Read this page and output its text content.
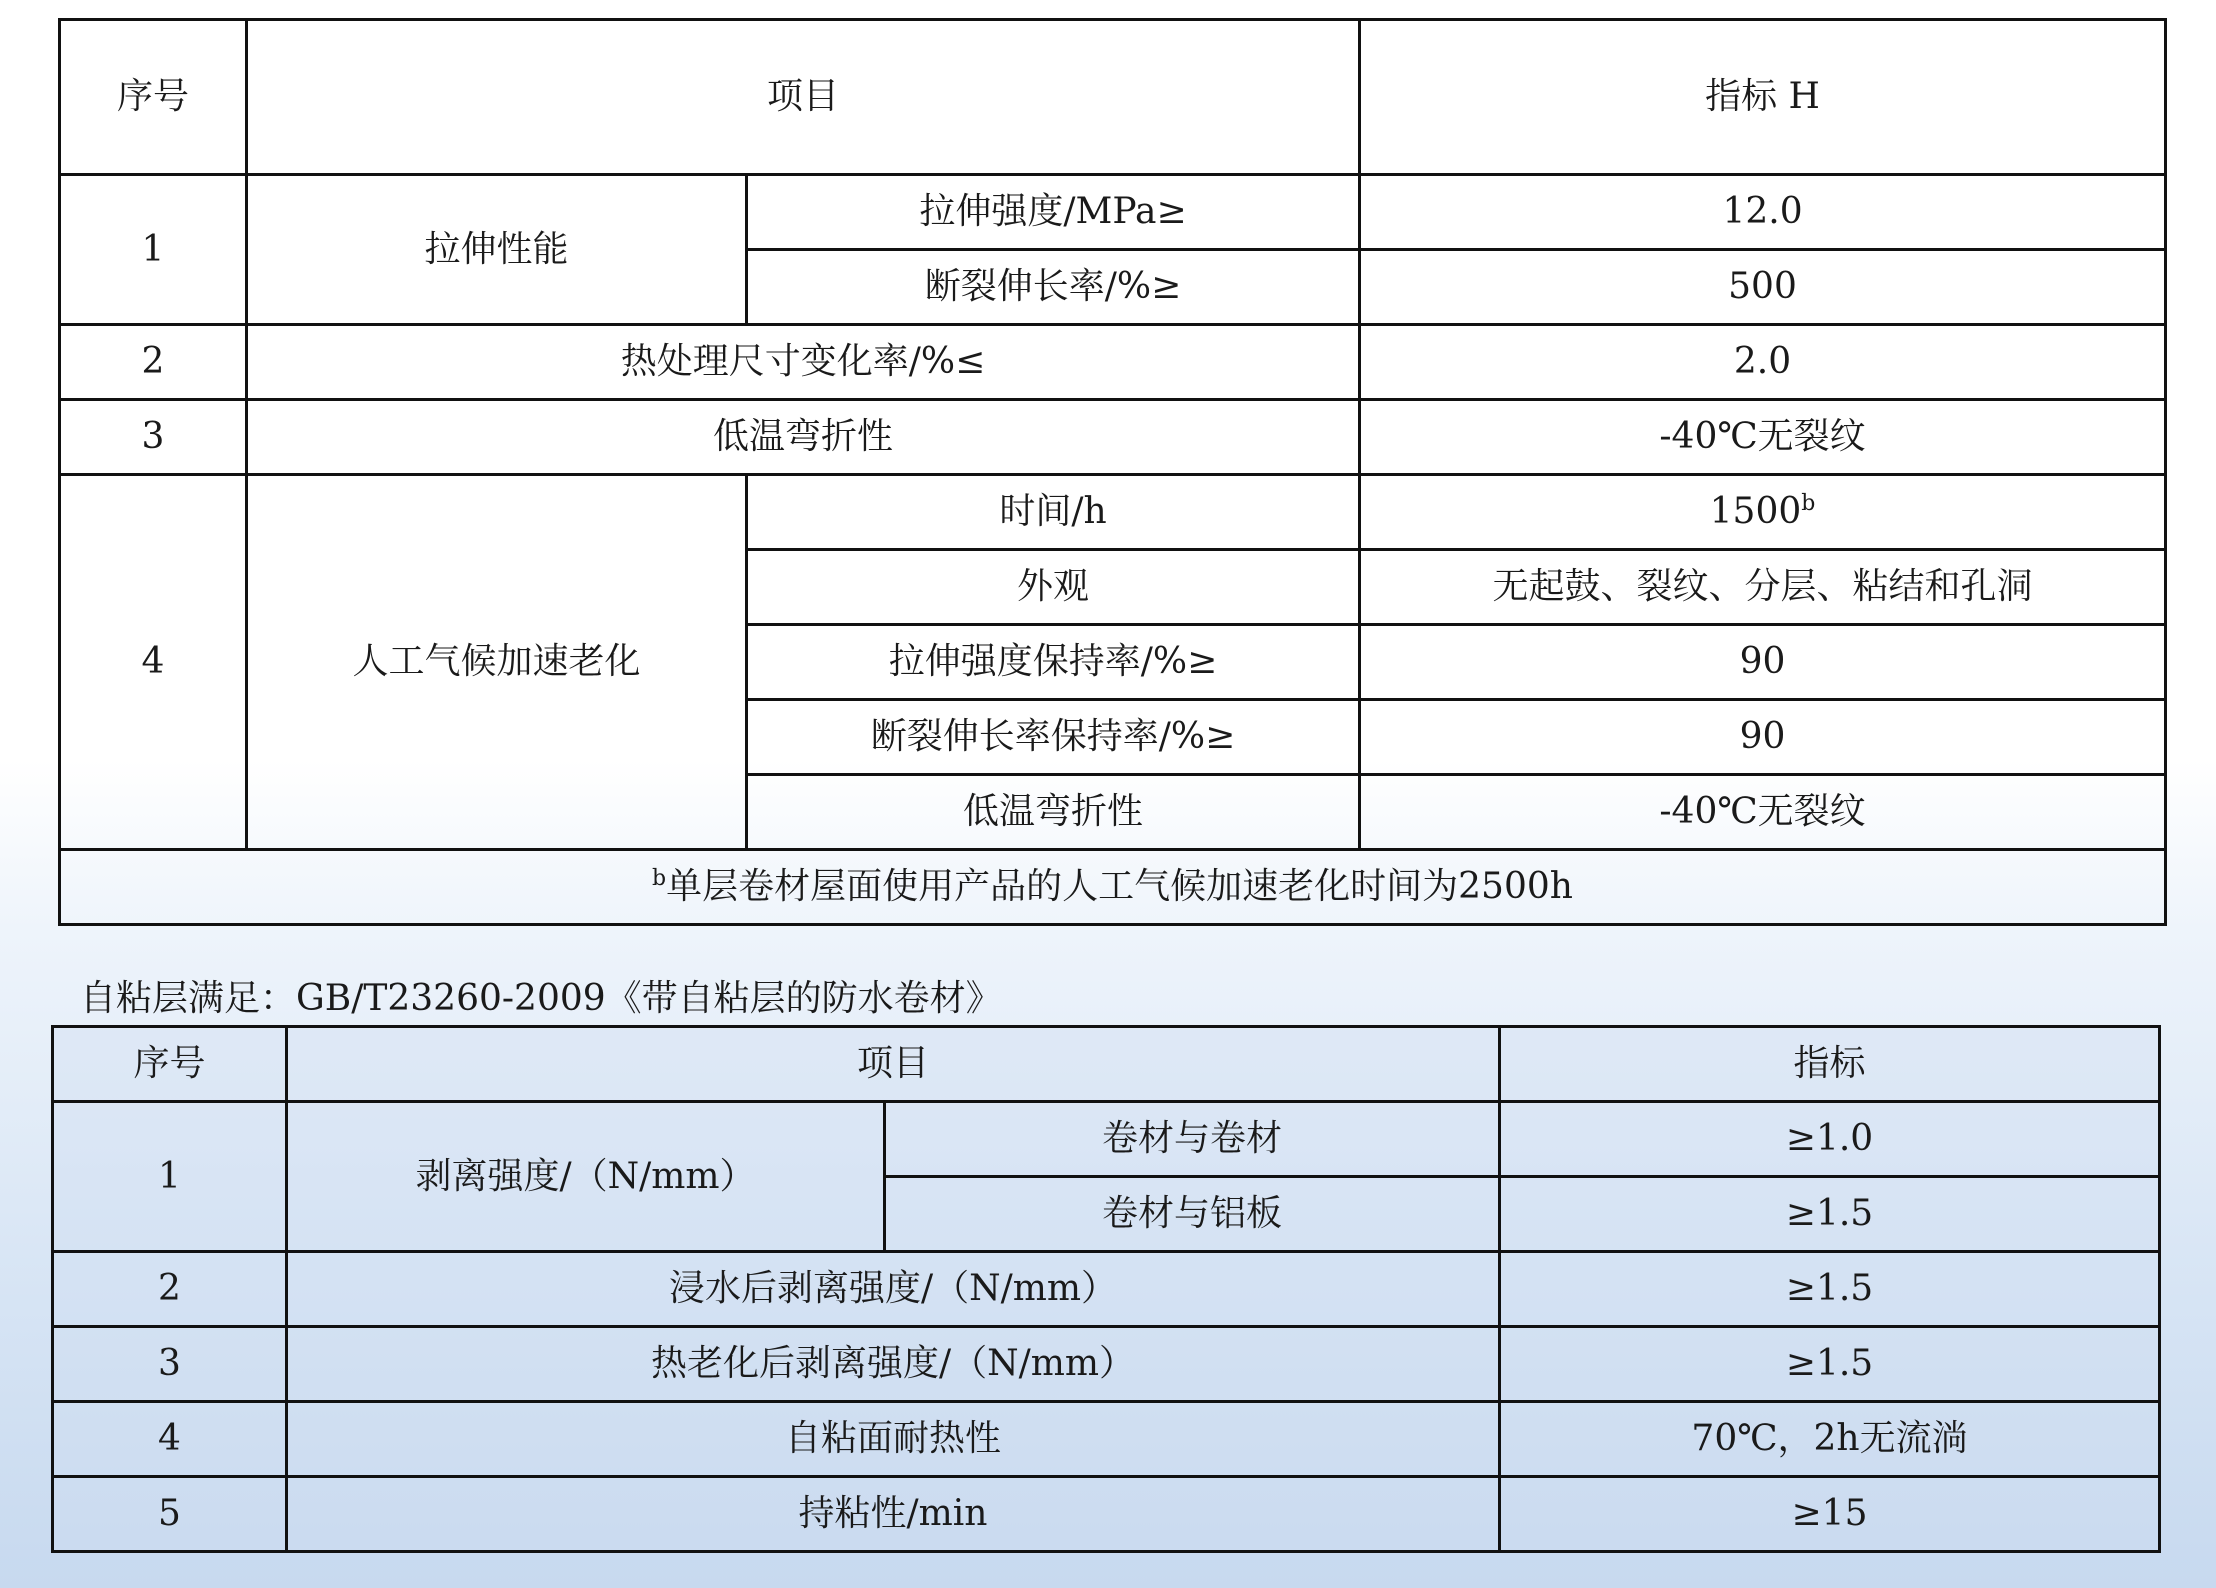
序号	项目		指标 H
1	拉伸性能	拉伸强度/MPa≥	12.0
		断裂伸长率/%≥	500
2	热处理尺寸变化率/%≤		2.0
3	低温弯折性		-40℃无裂纹
4	人工气候加速老化	时间/h	1500$^b$
		外观	无起鼓、裂纹、分层、粘结和孔洞
		拉伸强度保持率/%≥	90
		断裂伸长率保持率/%≥	90
		低温弯折性	-40℃无裂纹
$^b$单层卷材屋面使用产品的人工气候加速老化时间为2500h			
自粘层满足：GB/T23260-2009《带自粘层的防水卷材》
序号	项目		指标
1	剥离强度/（N/mm）	卷材与卷材	≥1.0
		卷材与铝板	≥1.5
2	浸水后剥离强度/（N/mm）		≥1.5
3	热老化后剥离强度/（N/mm）		≥1.5
4	自粘面耐热性		70℃，2h无流淌
5	持粘性/min		≥15
